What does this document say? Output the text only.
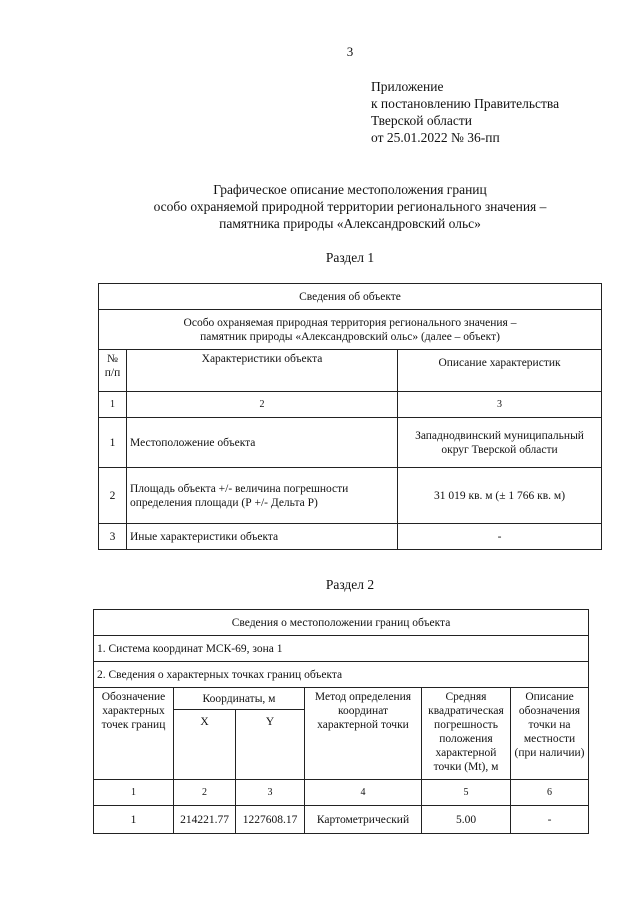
3
Приложение
к постановлению Правительства
Тверской области
от 25.01.2022 № 36-пп
Графическое описание местоположения границ
особо охраняемой природной территории регионального значения –
памятника природы «Александровский ольс»
Раздел 1
Сведения об объекте		

Особо охраняемая природная территория регионального значения –
памятник природы «Александровский ольс» (далее – объект)		

№ п/п	Характеристики объекта	Описание характеристик
1	2	3
1	Местоположение объекта	Западнодвинский муниципальный округ Тверской области
2	Площадь объекта +/- величина погрешности определения площади (Р +/- Дельта Р)	31 019 кв. м (± 1 766 кв. м)
3	Иные характеристики объекта	-
Раздел 2
Сведения о местоположении границ объекта					
1. Система координат МСК-69, зона 1					
2. Сведения о характерных точках границ объекта					
Обозначение характерных точек границ	Координаты, м		Метод определения координат характерной точки	Средняя квадратическая погрешность положения характерной точки (Mt), м	Описание обозначения точки на местности (при наличии)
	X	Y			
1	2	3	4	5	6
1	214221.77	1227608.17	Картометрический	5.00	-
